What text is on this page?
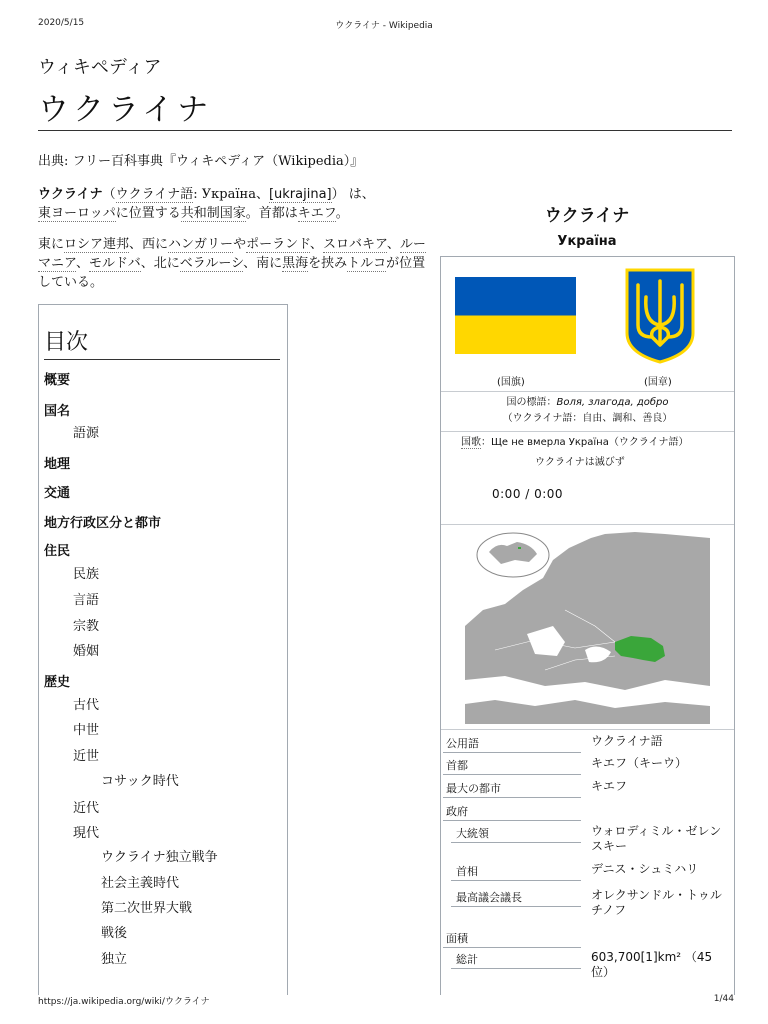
2020/5/15	ウクライナ - Wikipedia
ウィキペディア
ウクライナ

出典: フリー百科事典『ウィキペディア（Wikipedia）』

ウクライナ（ウクライナ語: Україна、[ukrajina]） は、
東ヨーロッパに位置する共和制国家。首都はキエフ。

東にロシア連邦、西にハンガリーやポーランド、スロバキア、ルーマニア、モルドバ、北にベラルーシ、南に黒海を挟みトルコが位置している。

目次
概要
国名
語源
地理
交通
地方行政区分と都市
住民
民族
言語
宗教
婚姻
歴史
古代
中世
近世
コサック時代
近代
現代
ウクライナ独立戦争
社会主義時代
第二次世界大戦
戦後
独立
ウクライナ
Україна
(国旗)	(国章)
国の標語：Воля, злагода, добро
（ウクライナ語：自由、調和、善良）
国歌：Ще не вмерла Україна（ウクライナ語）
ウクライナは滅びず
0:00 / 0:00
公用語	ウクライナ語
首都	キエフ（キーウ）
最大の都市	キエフ
政府
大統領	ウォロディミル・ゼレンスキー
首相	デニス・シュミハリ
最高議会議長	オレクサンドル・トゥルチノフ
面積
総計	603,700[1]km² （45位）
https://ja.wikipedia.org/wiki/ウクライナ	1/44
